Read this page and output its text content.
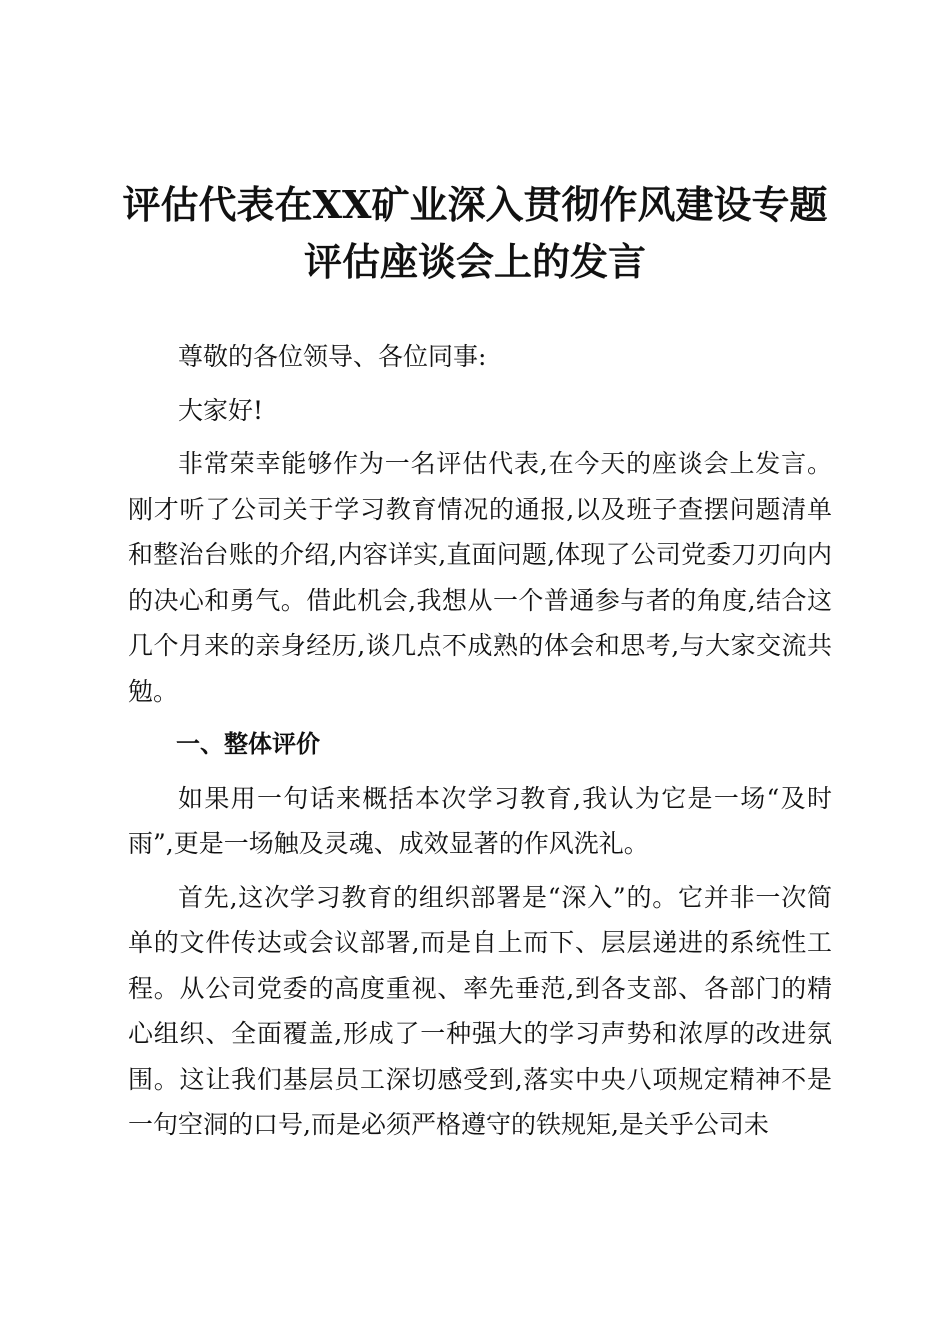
评估代表在XX矿业深入贯彻作风建设专题评估座谈会上的发言

尊敬的各位领导、各位同事:

大家好!

非常荣幸能够作为一名评估代表,在今天的座谈会上发言。刚才听了公司关于学习教育情况的通报,以及班子查摆问题清单和整治台账的介绍,内容详实,直面问题,体现了公司党委刀刃向内的决心和勇气。借此机会,我想从一个普通参与者的角度,结合这几个月来的亲身经历,谈几点不成熟的体会和思考,与大家交流共勉。

一、整体评价

如果用一句话来概括本次学习教育,我认为它是一场“及时雨”,更是一场触及灵魂、成效显著的作风洗礼。

首先,这次学习教育的组织部署是“深入”的。它并非一次简单的文件传达或会议部署,而是自上而下、层层递进的系统性工程。从公司党委的高度重视、率先垂范,到各支部、各部门的精心组织、全面覆盖,形成了一种强大的学习声势和浓厚的改进氛围。这让我们基层员工深切感受到,落实中央八项规定精神不是一句空洞的口号,而是必须严格遵守的铁规矩,是关乎公司未
